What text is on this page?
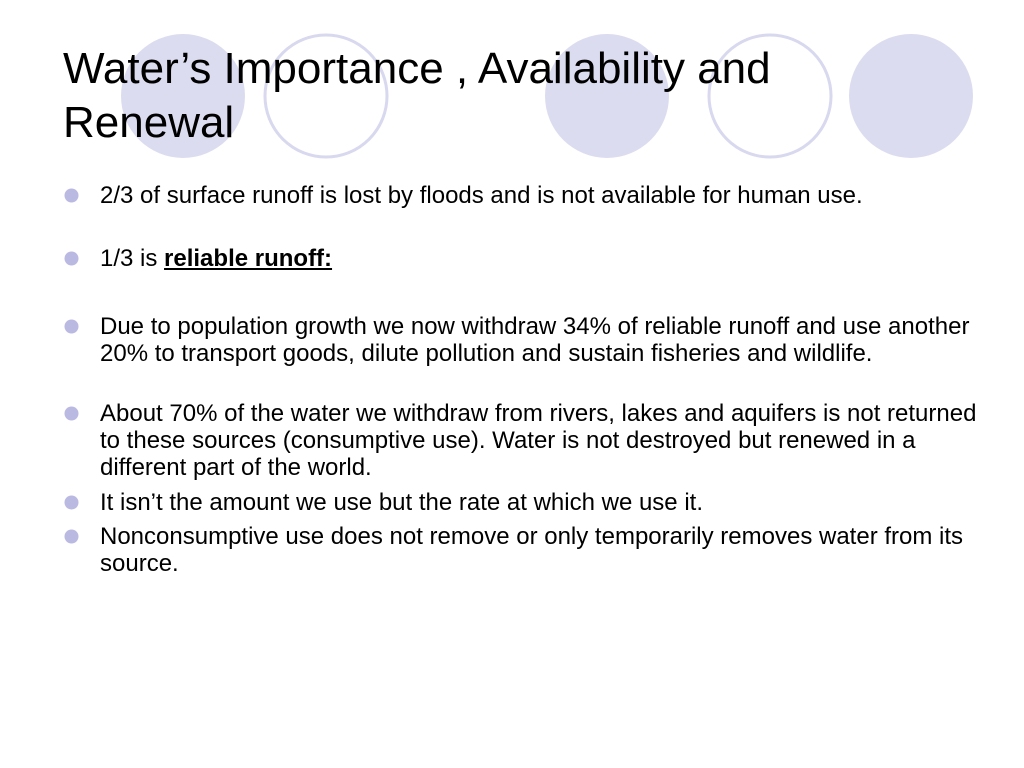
Water’s Importance , Availability and
Renewal
2/3 of surface runoff is lost by floods and is not available for human use.
1/3 is reliable runoff:
Due to population growth we now withdraw 34% of reliable runoff and use another 20% to transport goods, dilute pollution and sustain fisheries and wildlife.
About 70% of the water we withdraw from rivers, lakes and aquifers is not returned to these sources (consumptive use). Water is not destroyed but renewed in a different part of the world.
It isn’t the amount we use but the rate at which we use it.
Nonconsumptive use does not remove or only temporarily removes water from its source.
